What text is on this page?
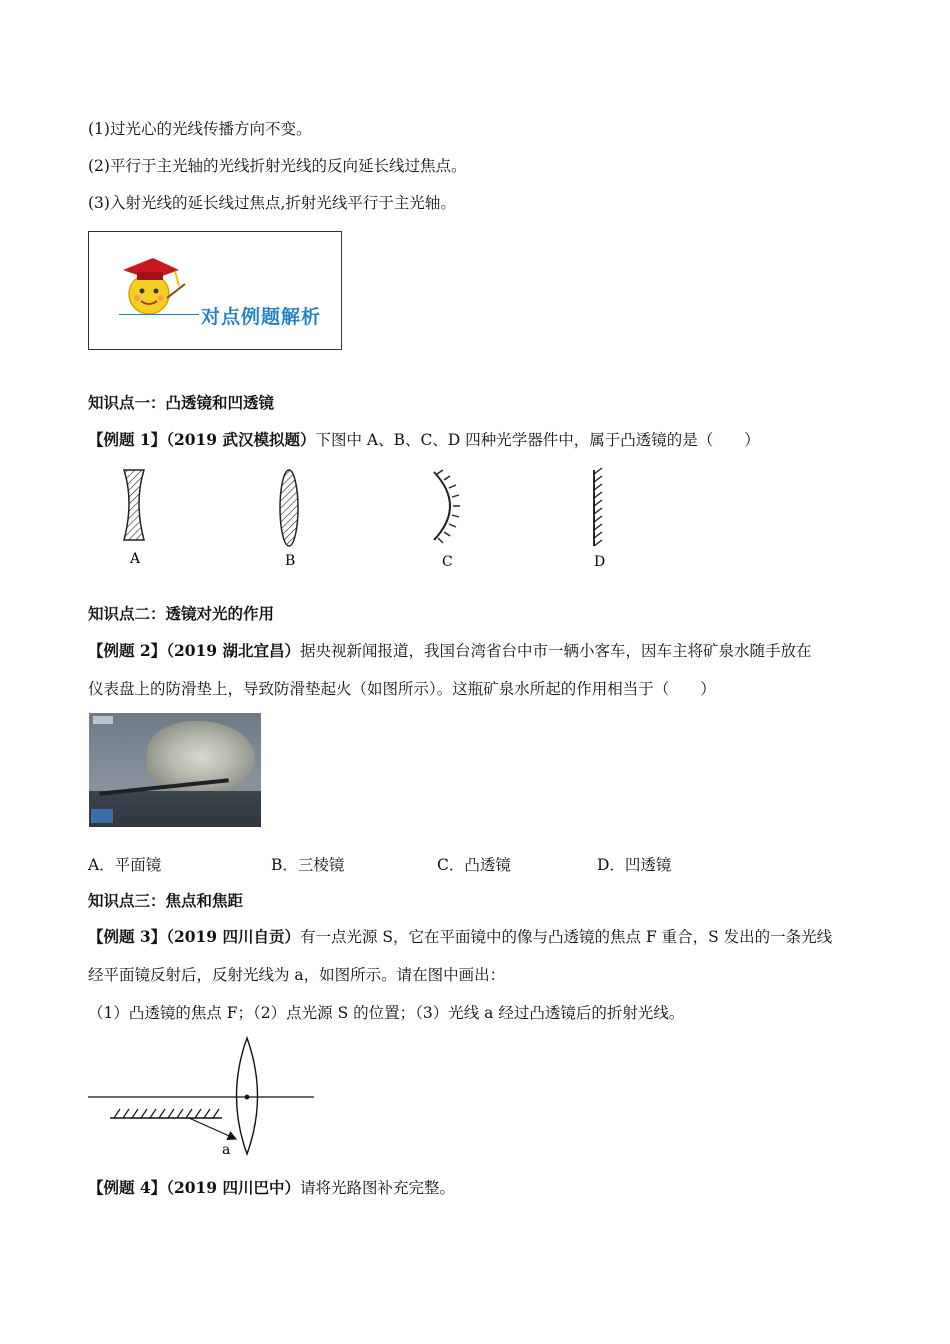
(1)过光心的光线传播方向不变。
(2)平行于主光轴的光线折射光线的反向延长线过焦点。
(3)入射光线的延长线过焦点,折射光线平行于主光轴。
对点例题解析
知识点一：凸透镜和凹透镜
【例题 1】（2019 武汉模拟题）下图中 A、B、C、D 四种光学器件中，属于凸透镜的是（　　）
A	B	C	D
知识点二：透镜对光的作用
【例题 2】（2019 湖北宜昌）据央视新闻报道，我国台湾省台中市一辆小客车，因车主将矿泉水随手放在
仪表盘上的防滑垫上，导致防滑垫起火（如图所示）。这瓶矿泉水所起的作用相当于（　　）
A．平面镜	B．三棱镜	C．凸透镜	D．凹透镜
知识点三：焦点和焦距
【例题 3】（2019 四川自贡）有一点光源 S，它在平面镜中的像与凸透镜的焦点 F 重合，S 发出的一条光线
经平面镜反射后，反射光线为 a，如图所示。请在图中画出：
（1）凸透镜的焦点 F；（2）点光源 S 的位置；（3）光线 a 经过凸透镜后的折射光线。
a
【例题 4】（2019 四川巴中）请将光路图补充完整。
